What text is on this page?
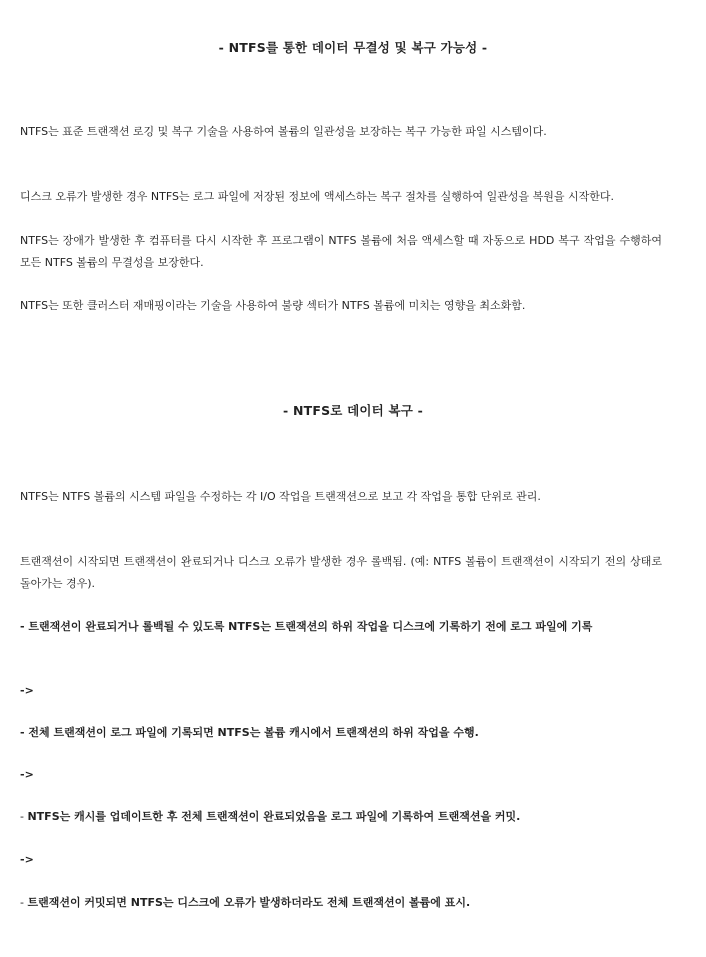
- NTFS를 통한 데이터 무결성 및 복구 가능성 -
NTFS는 표준 트랜잭션 로깅 및 복구 기술을 사용하여 볼륨의 일관성을 보장하는 복구 가능한 파일 시스템이다.
디스크 오류가 발생한 경우 NTFS는 로그 파일에 저장된 정보에 액세스하는 복구 절차를 실행하여 일관성을 복원을 시작한다.
NTFS는 장애가 발생한 후 컴퓨터를 다시 시작한 후 프로그램이 NTFS 볼륨에 처음 액세스할 때 자동으로 HDD 복구 작업을 수행하여 모든 NTFS 볼륨의 무결성을 보장한다.
NTFS는 또한 클러스터 재매핑이라는 기술을 사용하여 불량 섹터가 NTFS 볼륨에 미치는 영향을 최소화함.
- NTFS로 데이터 복구 -
NTFS는 NTFS 볼륨의 시스템 파일을 수정하는 각 I/O 작업을 트랜잭션으로 보고 각 작업을 통합 단위로 관리.
트랜잭션이 시작되면 트랜잭션이 완료되거나 디스크 오류가 발생한 경우 롤백됨. (예: NTFS 볼륨이 트랜잭션이 시작되기 전의 상태로 돌아가는 경우).
- 트랜잭션이 완료되거나 롤백될 수 있도록 NTFS는 트랜잭션의 하위 작업을 디스크에 기록하기 전에 로그 파일에 기록
->
- 전체 트랜잭션이 로그 파일에 기록되면 NTFS는 볼륨 캐시에서 트랜잭션의 하위 작업을 수행.
->
- NTFS는 캐시를 업데이트한 후 전체 트랜잭션이 완료되었음을 로그 파일에 기록하여 트랜잭션을 커밋.
->
- 트랜잭션이 커밋되면 NTFS는 디스크에 오류가 발생하더라도 전체 트랜잭션이 볼륨에 표시.
